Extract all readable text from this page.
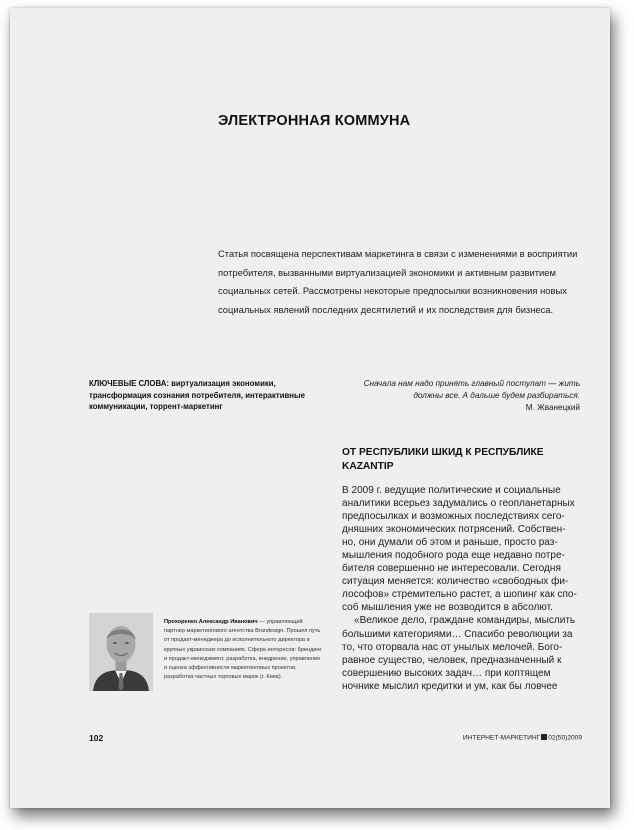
ЭЛЕКТРОННАЯ КОММУНА
Статья посвящена перспективам маркетинга в связи с изменениями в восприятии потребителя, вызванными виртуализацией экономики и активным развитием социальных сетей. Рассмотрены некоторые предпосылки возникновения новых социальных явлений последних десятилетий и их последствия для бизнеса.
КЛЮЧЕВЫЕ СЛОВА: виртуализация экономики, трансформация сознания потребителя, интерактивные коммуникации, торрент-маркетинг
Сначала нам надо принять главный постулат — жить должны все. А дальше будем разбираться.
М. Жванецкий
ОТ РЕСПУБЛИКИ ШКИД К РЕСПУБЛИКЕ KAZANTIP
В 2009 г. ведущие политические и социальные
аналитики всерьез задумались о геопланетарных
предпосылках и возможных последствиях сего-
дняшних экономических потрясений. Собствен-
но, они думали об этом и раньше, просто раз-
мышления подобного рода еще недавно потре-
бителя совершенно не интересовали. Сегодня
ситуация меняется: количество «свободных фи-
лософов» стремительно растет, а шопинг как спо-
соб мышления уже не возводится в абсолют.
«Великое дело, граждане командиры, мыслить
большими категориями… Спасибо революции за
то, что оторвала нас от унылых мелочей. Бого-
равное существо, человек, предназначенный к
совершению высоких задач… при коптящем
ночнике мыслил кредитки и ум, как бы ловчее
Прохоренко Александр Иванович — управляющий партнер маркетингового агентства Brandesign. Прошел путь от продакт-менеджера до исполнительного директора в крупных украинских компаниях. Сфера интересов: брендинг и продакт-менеджмент, разработка, внедрение, управление и оценка эффективности маркетинговых проектов, разработка частных торговых марок (г. Киев)
102	ИНТЕРНЕТ-МАРКЕТИНГ 02(50)2009
